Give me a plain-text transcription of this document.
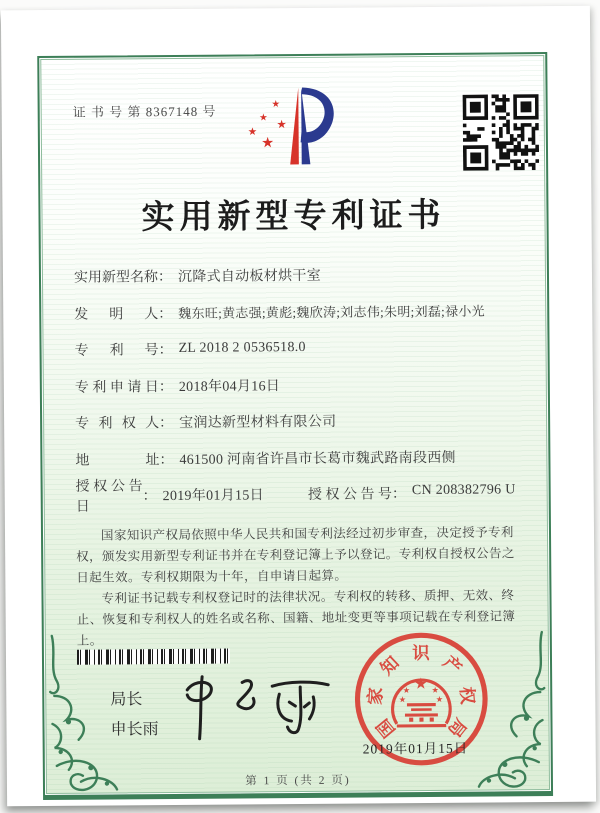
证 书 号 第 8367148 号	★
★
★
★
★
实用新型专利证书
实用新型名称 ： 沉降式自动板材烘干室
发明人 ： 魏东旺;黄志强;黄彪;魏欣涛;刘志伟;朱明;刘磊;禄小光
专利号 ： ZL 2018 2 0536518.0
专利申请日 ： 2018年04月16日
专利权人 ： 宝润达新型材料有限公司
地址 ： 461500 河南省许昌市长葛市魏武路南段西侧
授权公告日
： 2019年01月15日	授权公告号 ： CN 208382796 U

国家知识产权局依照中华人民共和国专利法经过初步审查，决定授予专利权，颁发实用新型专利证书并在专利登记簿上予以登记。专利权自授权公告之日起生效。专利权期限为十年，自申请日起算。

专利证书记载专利权登记时的法律状况。专利权的转移、质押、无效、终止、恢复和专利权人的姓名或名称、国籍、地址变更等事项记载在专利登记簿上。

局长
申长雨	国
家
知 识 产
权
局
★
★	★
★	★
2019年01月15日
第 1 页 (共 2 页)
